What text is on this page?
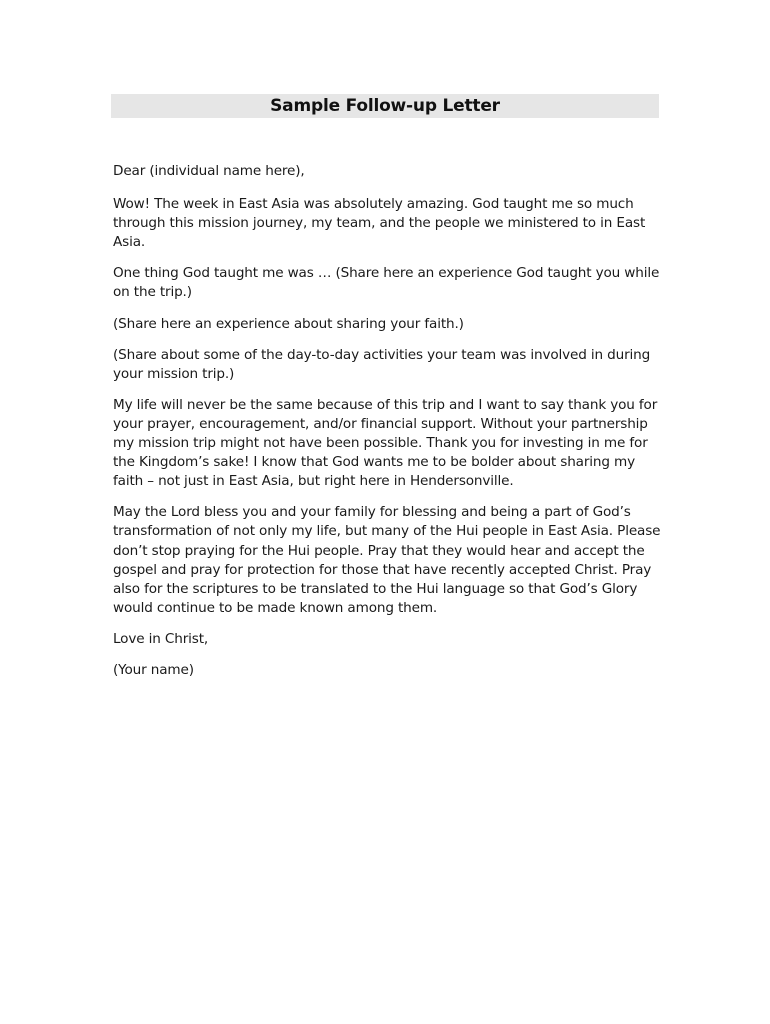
Sample Follow-up Letter

Dear (individual name here),

Wow! The week in East Asia was absolutely amazing. God taught me so much through this mission journey, my team, and the people we ministered to in East Asia.

One thing God taught me was … (Share here an experience God taught you while on the trip.)

(Share here an experience about sharing your faith.)

(Share about some of the day-to-day activities your team was involved in during your mission trip.)

My life will never be the same because of this trip and I want to say thank you for your prayer, encouragement, and/or financial support. Without your partnership my mission trip might not have been possible. Thank you for investing in me for the Kingdom’s sake! I know that God wants me to be bolder about sharing my faith – not just in East Asia, but right here in Hendersonville.

May the Lord bless you and your family for blessing and being a part of God’s transformation of not only my life, but many of the Hui people in East Asia. Please don’t stop praying for the Hui people. Pray that they would hear and accept the gospel and pray for protection for those that have recently accepted Christ. Pray also for the scriptures to be translated to the Hui language so that God’s Glory would continue to be made known among them.

Love in Christ,

(Your name)
